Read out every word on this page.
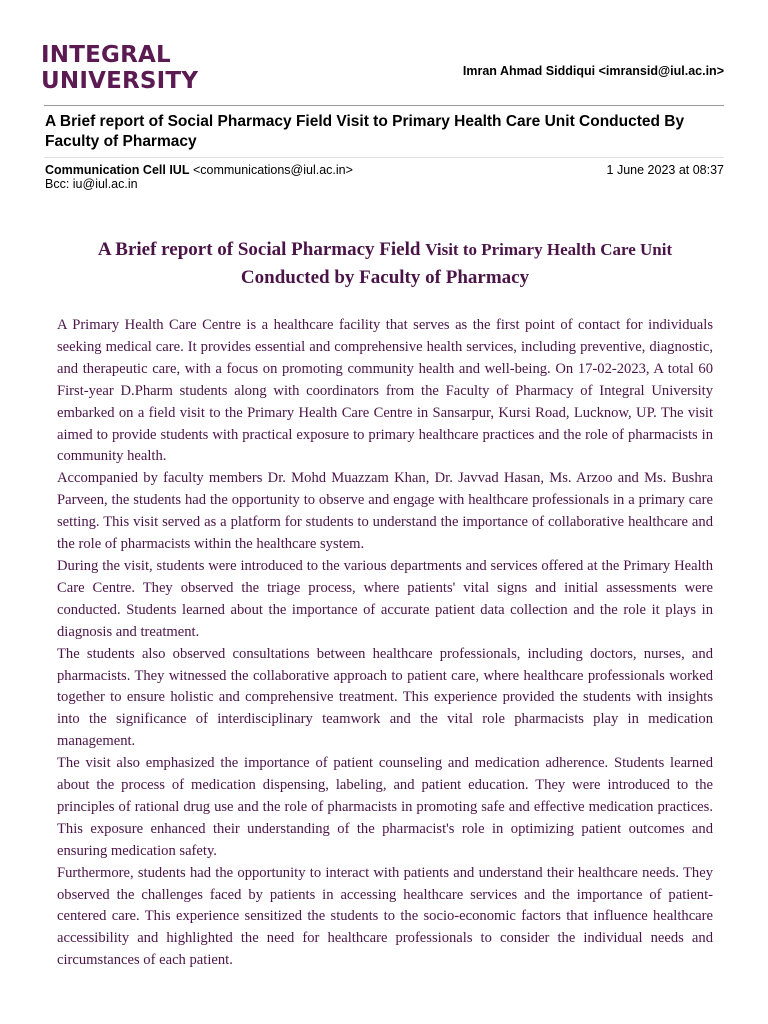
INTEGRAL
UNIVERSITY	Imran Ahmad Siddiqui <imransid@iul.ac.in>
A Brief report of Social Pharmacy Field Visit to Primary Health Care Unit Conducted By Faculty of Pharmacy
Communication Cell IUL <communications@iul.ac.in>	1 June 2023 at 08:37
Bcc: iu@iul.ac.in
A Brief report of Social Pharmacy Field Visit to Primary Health Care Unit
Conducted by Faculty of Pharmacy

A Primary Health Care Centre is a healthcare facility that serves as the first point of contact for individuals seeking medical care. It provides essential and comprehensive health services, including preventive, diagnostic, and therapeutic care, with a focus on promoting community health and well-being. On 17-02-2023, A total 60 First-year D.Pharm students along with coordinators from the Faculty of Pharmacy of Integral University embarked on a field visit to the Primary Health Care Centre in Sansarpur, Kursi Road, Lucknow, UP. The visit aimed to provide students with practical exposure to primary healthcare practices and the role of pharmacists in community health.

Accompanied by faculty members Dr. Mohd Muazzam Khan, Dr. Javvad Hasan, Ms. Arzoo and Ms. Bushra Parveen, the students had the opportunity to observe and engage with healthcare professionals in a primary care setting. This visit served as a platform for students to understand the importance of collaborative healthcare and the role of pharmacists within the healthcare system.

During the visit, students were introduced to the various departments and services offered at the Primary Health Care Centre. They observed the triage process, where patients' vital signs and initial assessments were conducted. Students learned about the importance of accurate patient data collection and the role it plays in diagnosis and treatment.

The students also observed consultations between healthcare professionals, including doctors, nurses, and pharmacists. They witnessed the collaborative approach to patient care, where healthcare professionals worked together to ensure holistic and comprehensive treatment. This experience provided the students with insights into the significance of interdisciplinary teamwork and the vital role pharmacists play in medication management.

The visit also emphasized the importance of patient counseling and medication adherence. Students learned about the process of medication dispensing, labeling, and patient education. They were introduced to the principles of rational drug use and the role of pharmacists in promoting safe and effective medication practices. This exposure enhanced their understanding of the pharmacist's role in optimizing patient outcomes and ensuring medication safety.

Furthermore, students had the opportunity to interact with patients and understand their healthcare needs. They observed the challenges faced by patients in accessing healthcare services and the importance of patient-centered care. This experience sensitized the students to the socio-economic factors that influence healthcare accessibility and highlighted the need for healthcare professionals to consider the individual needs and circumstances of each patient.
